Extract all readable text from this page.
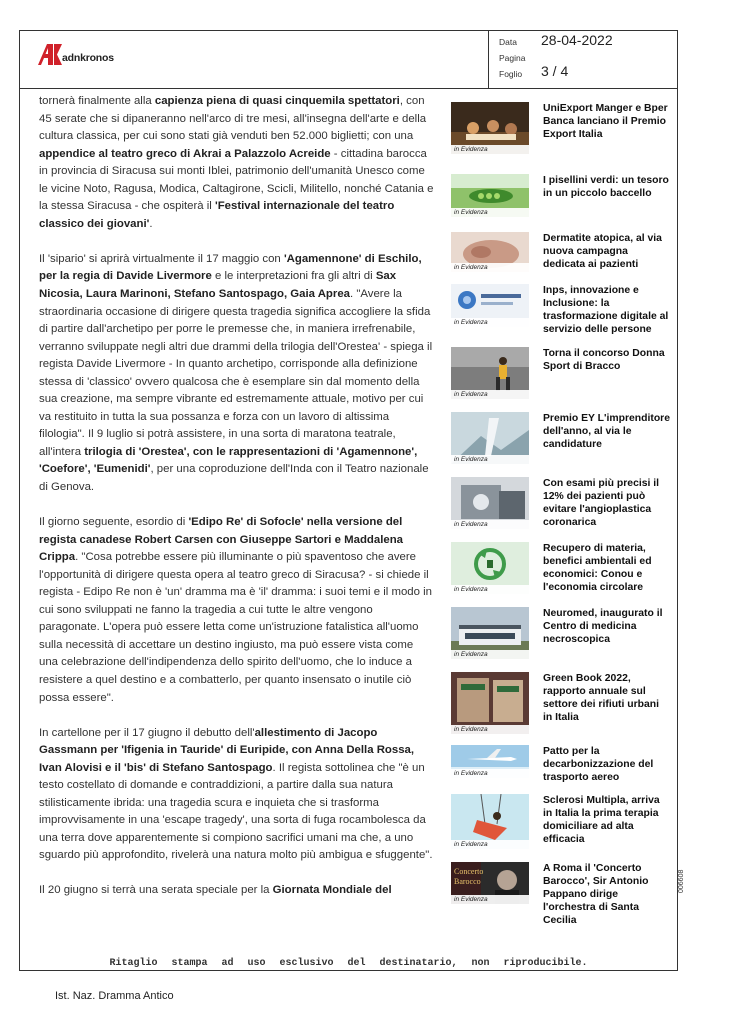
adnkronos
Data 28-04-2022
Pagina
Foglio 3 / 4

tornerà finalmente alla capienza piena di quasi cinquemila spettatori, con 45 serate che si dipaneranno nell'arco di tre mesi, all'insegna dell'arte e della cultura classica, per cui sono stati già venduti ben 52.000 biglietti; con una appendice al teatro greco di Akrai a Palazzolo Acreide - cittadina barocca in provincia di Siracusa sui monti Iblei, patrimonio dell'umanità Unesco come le vicine Noto, Ragusa, Modica, Caltagirone, Scicli, Militello, nonché Catania e la stessa Siracusa - che ospiterà il 'Festival internazionale del teatro classico dei giovani'.

Il 'sipario' si aprirà virtualmente il 17 maggio con 'Agamennone' di Eschilo, per la regia di Davide Livermore e le interpretazioni fra gli altri di Sax Nicosia, Laura Marinoni, Stefano Santospago, Gaia Aprea. "Avere la straordinaria occasione di dirigere questa tragedia significa accogliere la sfida di partire dall'archetipo per porre le premesse che, in maniera irrefrenabile, verranno sviluppate negli altri due drammi della trilogia dell'Orestea' - spiega il regista Davide Livermore - In quanto archetipo, corrisponde alla definizione stessa di 'classico' ovvero qualcosa che è esemplare sin dal momento della sua creazione, ma sempre vibrante ed estremamente attuale, motivo per cui va restituito in tutta la sua possanza e forza con un lavoro di altissima filologia". Il 9 luglio si potrà assistere, in una sorta di maratona teatrale, all'intera trilogia di 'Orestea', con le rappresentazioni di 'Agamennone', 'Coefore', 'Eumenidi', per una coproduzione dell'Inda con il Teatro nazionale di Genova.

Il giorno seguente, esordio di 'Edipo Re' di Sofocle' nella versione del regista canadese Robert Carsen con Giuseppe Sartori e Maddalena Crippa. "Cosa potrebbe essere più illuminante o più spaventoso che avere l'opportunità di dirigere questa opera al teatro greco di Siracusa? - si chiede il regista - Edipo Re non è 'un' dramma ma è 'il' dramma: i suoi temi e il modo in cui sono sviluppati ne fanno la tragedia a cui tutte le altre vengono paragonate. L'opera può essere letta come un'istruzione fatalistica all'uomo sulla necessità di accettare un destino ingiusto, ma può essere vista come una celebrazione dell'indipendenza dello spirito dell'uomo, che lo induce a resistere a quel destino e a combatterlo, per quanto insensato o inutile ciò possa essere".

In cartellone per il 17 giugno il debutto dell'allestimento di Jacopo Gassmann per 'Ifigenia in Tauride' di Euripide, con Anna Della Rossa, Ivan Alovisi e il 'bis' di Stefano Santospago. Il regista sottolinea che "è un testo costellato di domande e contraddizioni, a partire dalla sua natura stilisticamente ibrida: una tragedia scura e inquieta che si trasforma improvvisamente in una 'escape tragedy', una sorta di fuga rocambolesca da una terra dove apparentemente si compiono sacrifici umani ma che, a uno sguardo più approfondito, rivelerà una natura molto più ambigua e sfuggente".

Il 20 giugno si terrà una serata speciale per la Giornata Mondiale del

in Evidenza
UniExport Manger e Bper Banca lanciano il Premio Export Italia
in Evidenza
I pisellini verdi: un tesoro in un piccolo baccello
in Evidenza
Dermatite atopica, al via nuova campagna dedicata ai pazienti
in Evidenza
Inps, innovazione e Inclusione: la trasformazione digitale al servizio delle persone
in Evidenza
Torna il concorso Donna Sport di Bracco
in Evidenza
Premio EY L'imprenditore dell'anno, al via le candidature
in Evidenza
Con esami più precisi il 12% dei pazienti può evitare l'angioplastica coronarica
in Evidenza
Recupero di materia, benefici ambientali ed economici: Conou e l'economia circolare
in Evidenza
Neuromed, inaugurato il Centro di medicina necroscopica
in Evidenza
Green Book 2022, rapporto annuale sul settore dei rifiuti urbani in Italia
in Evidenza
Patto per la decarbonizzazione del trasporto aereo
in Evidenza
Sclerosi Multipla, arriva in Italia la prima terapia domiciliare ad alta efficacia
Concerto
Barocco
in Evidenza
A Roma il 'Concerto Barocco', Sir Antonio Pappano dirige l'orchestra di Santa Cecilia
Ritaglio stampa ad uso esclusivo del destinatario, non riproducibile.
Ist. Naz. Dramma Antico
006608
